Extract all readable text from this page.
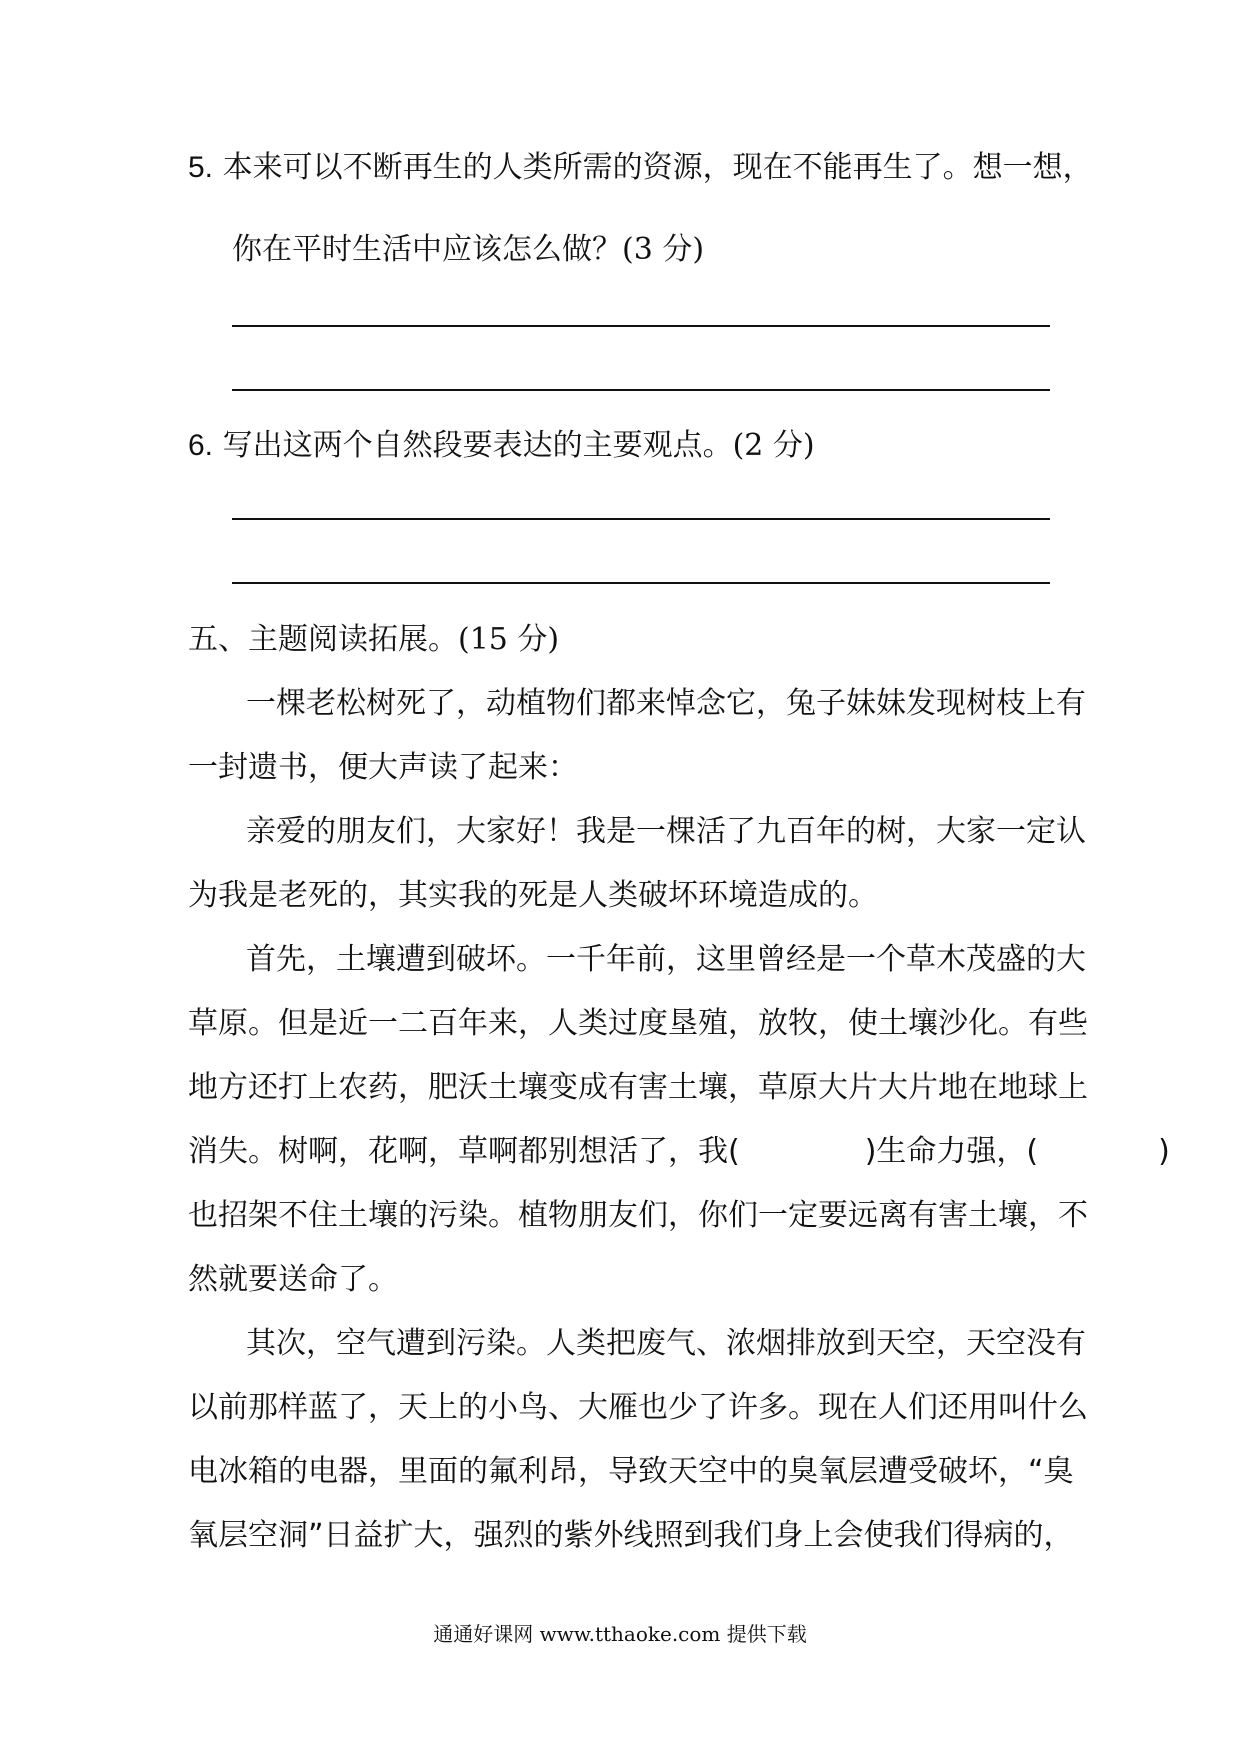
5. 本来可以不断再生的人类所需的资源，现在不能再生了。想一想，
你在平时生活中应该怎么做？(3 分)
6. 写出这两个自然段要表达的主要观点。(2 分)
五、主题阅读拓展。(15 分)
一棵老松树死了，动植物们都来悼念它，兔子妹妹发现树枝上有
一封遗书，便大声读了起来：
亲爱的朋友们，大家好！我是一棵活了九百年的树，大家一定认
为我是老死的，其实我的死是人类破坏环境造成的。
首先，土壤遭到破坏。一千年前，这里曾经是一个草木茂盛的大
草原。但是近一二百年来，人类过度垦殖，放牧，使土壤沙化。有些
地方还打上农药，肥沃土壤变成有害土壤，草原大片大片地在地球上
消失。树啊，花啊，草啊都别想活了，我(	)生命力强，(	)
也招架不住土壤的污染。植物朋友们，你们一定要远离有害土壤，不
然就要送命了。
其次，空气遭到污染。人类把废气、浓烟排放到天空，天空没有
以前那样蓝了，天上的小鸟、大雁也少了许多。现在人们还用叫什么
电冰箱的电器，里面的氟利昂，导致天空中的臭氧层遭受破坏，“臭
氧层空洞”日益扩大，强烈的紫外线照到我们身上会使我们得病的，
通通好课网 www.tthaoke.com 提供下载
